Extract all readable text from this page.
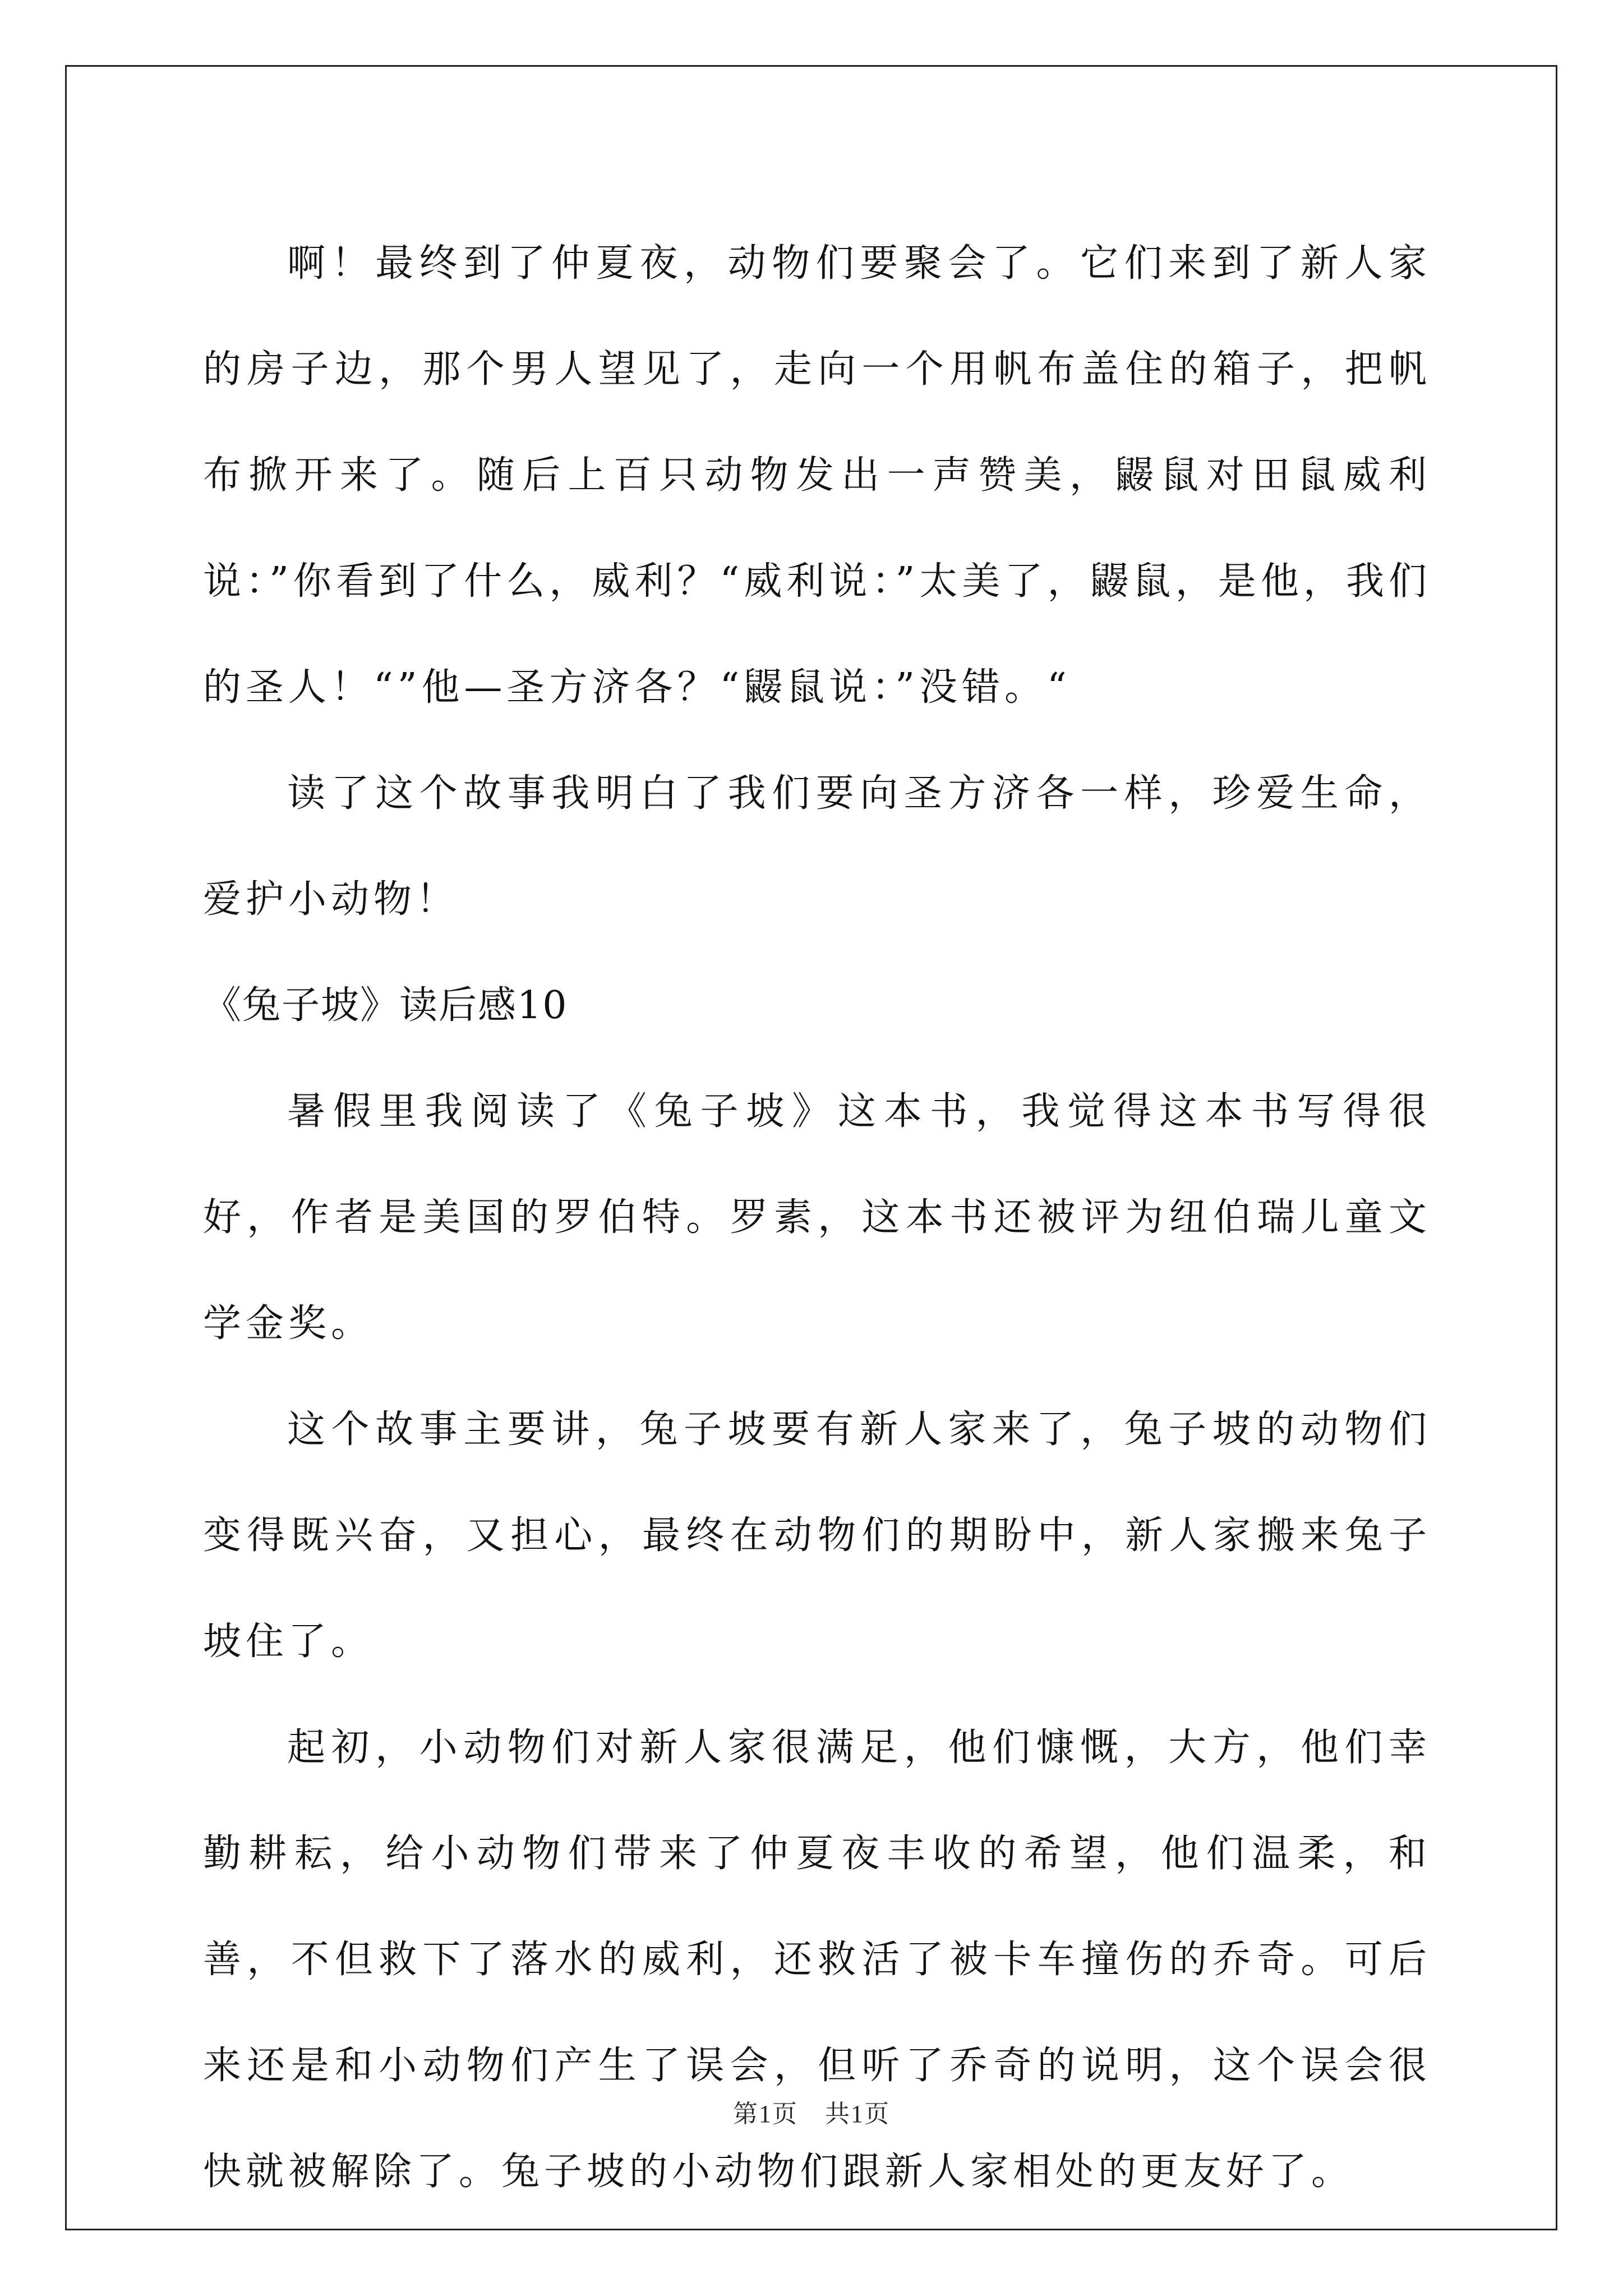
啊！最终到了仲夏夜，动物们要聚会了。它们来到了新人家的房子边，那个男人望见了，走向一个用帆布盖住的箱子，把帆布掀开来了。随后上百只动物发出一声赞美，鼹鼠对田鼠威利说：”你看到了什么，威利？“威利说：”太美了，鼹鼠，是他，我们的圣人！“”他—圣方济各？“鼹鼠说：”没错。“

读了这个故事我明白了我们要向圣方济各一样，珍爱生命，爱护小动物！

《兔子坡》读后感10

暑假里我阅读了《兔子坡》这本书，我觉得这本书写得很好，作者是美国的罗伯特。罗素，这本书还被评为纽伯瑞儿童文学金奖。

这个故事主要讲，兔子坡要有新人家来了，兔子坡的动物们变得既兴奋，又担心，最终在动物们的期盼中，新人家搬来兔子坡住了。

起初，小动物们对新人家很满足，他们慷慨，大方，他们幸勤耕耘，给小动物们带来了仲夏夜丰收的希望，他们温柔，和善，不但救下了落水的威利，还救活了被卡车撞伤的乔奇。可后来还是和小动物们产生了误会，但听了乔奇的说明，这个误会很快就被解除了。兔子坡的小动物们跟新人家相处的更友好了。

第1页 共1页
